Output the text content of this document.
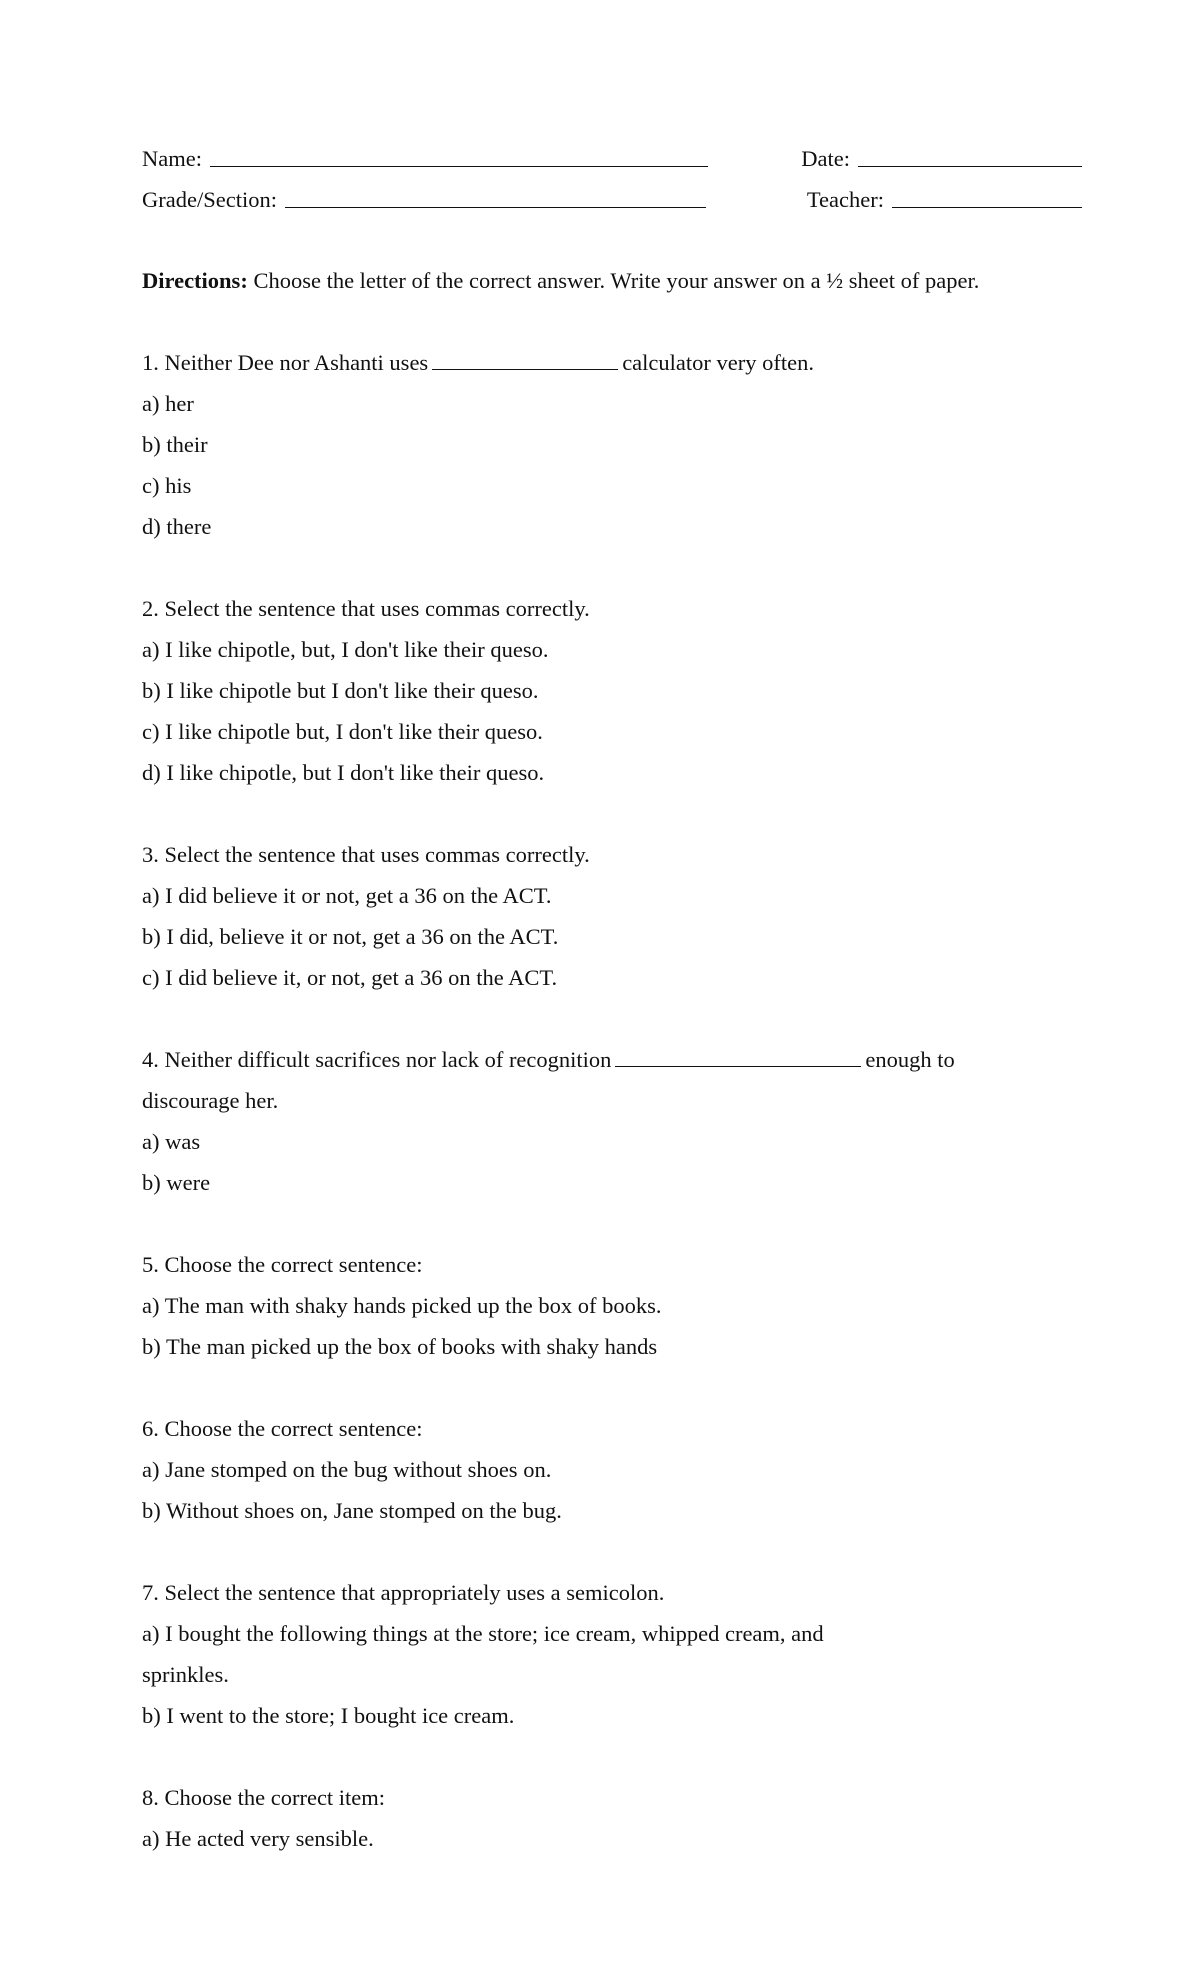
Name:	Date:
Grade/Section:	Teacher:
Directions: Choose the letter of the correct answer. Write your answer on a ½ sheet of paper.
1. Neither Dee nor Ashanti uses	calculator very often.
a) her
b) their
c) his
d) there
2. Select the sentence that uses commas correctly.
a) I like chipotle, but, I don't like their queso.
b) I like chipotle but I don't like their queso.
c) I like chipotle but, I don't like their queso.
d) I like chipotle, but I don't like their queso.
3. Select the sentence that uses commas correctly.
a) I did believe it or not, get a 36 on the ACT.
b) I did, believe it or not, get a 36 on the ACT.
c) I did believe it, or not, get a 36 on the ACT.
4. Neither difficult sacrifices nor lack of recognition	enough to
discourage her.
a) was
b) were
5. Choose the correct sentence:
a) The man with shaky hands picked up the box of books.
b) The man picked up the box of books with shaky hands
6. Choose the correct sentence:
a) Jane stomped on the bug without shoes on.
b) Without shoes on, Jane stomped on the bug.
7. Select the sentence that appropriately uses a semicolon.
a) I bought the following things at the store; ice cream, whipped cream, and
sprinkles.
b) I went to the store; I bought ice cream.
8. Choose the correct item:
a) He acted very sensible.
